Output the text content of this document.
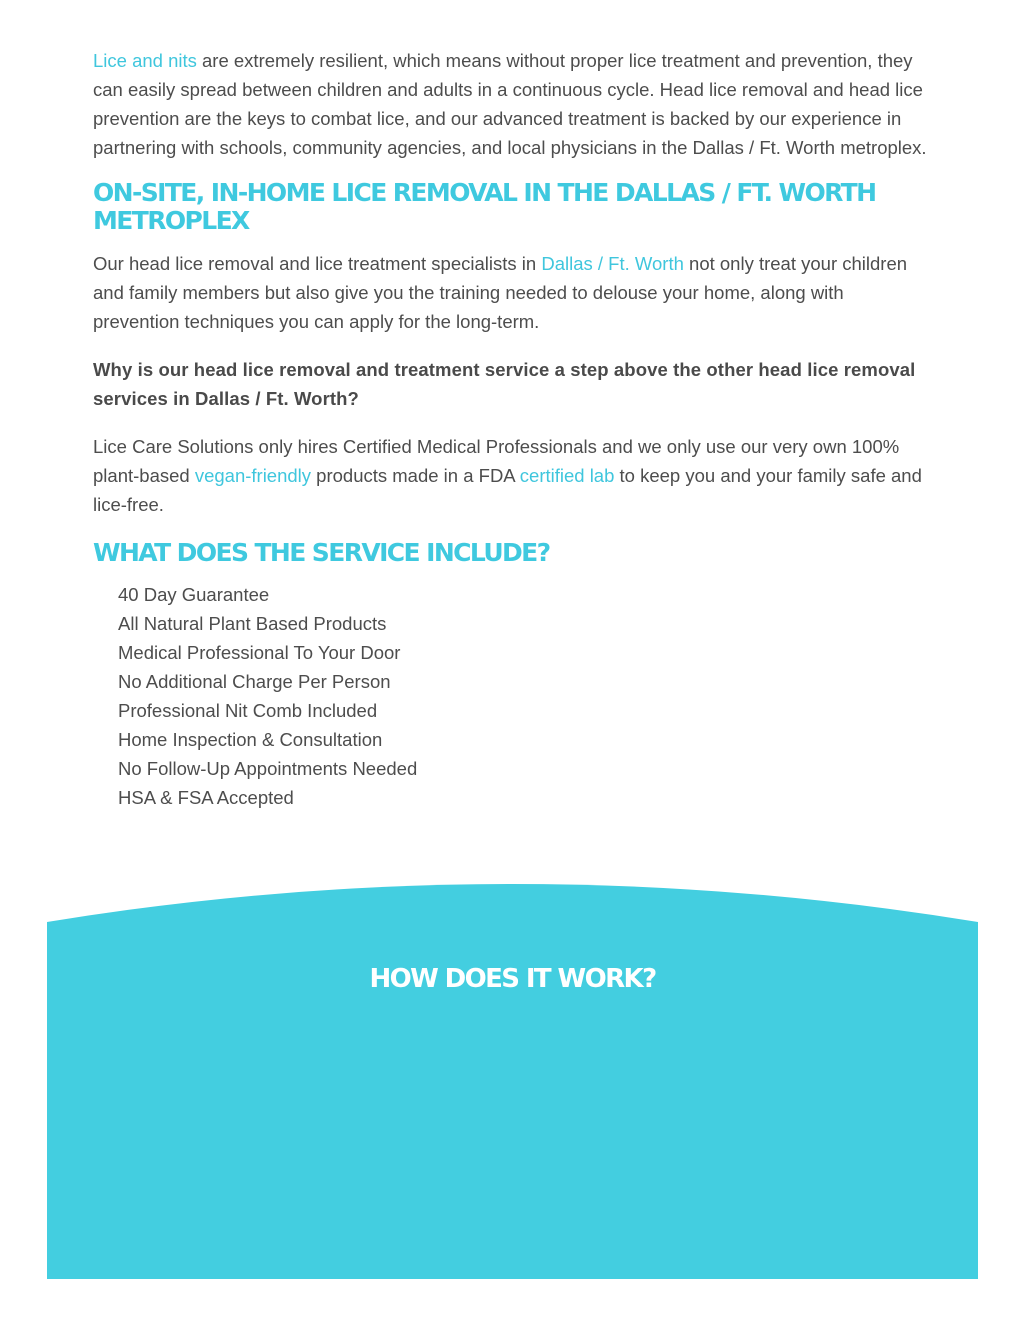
Lice and nits are extremely resilient, which means without proper lice treatment and prevention, they can easily spread between children and adults in a continuous cycle. Head lice removal and head lice prevention are the keys to combat lice, and our advanced treatment is backed by our experience in partnering with schools, community agencies, and local physicians in the Dallas / Ft. Worth metroplex.

ON-SITE, IN-HOME LICE REMOVAL IN THE DALLAS / FT. WORTH METROPLEX

Our head lice removal and lice treatment specialists in Dallas / Ft. Worth not only treat your children and family members but also give you the training needed to delouse your home, along with prevention techniques you can apply for the long-term.

Why is our head lice removal and treatment service a step above the other head lice removal services in Dallas / Ft. Worth?

Lice Care Solutions only hires Certified Medical Professionals and we only use our very own 100% plant-based vegan-friendly products made in a FDA certified lab to keep you and your family safe and lice-free.

WHAT DOES THE SERVICE INCLUDE?
40 Day Guarantee
All Natural Plant Based Products
Medical Professional To Your Door
No Additional Charge Per Person
Professional Nit Comb Included
Home Inspection & Consultation
No Follow-Up Appointments Needed
HSA & FSA Accepted
HOW DOES IT WORK?
